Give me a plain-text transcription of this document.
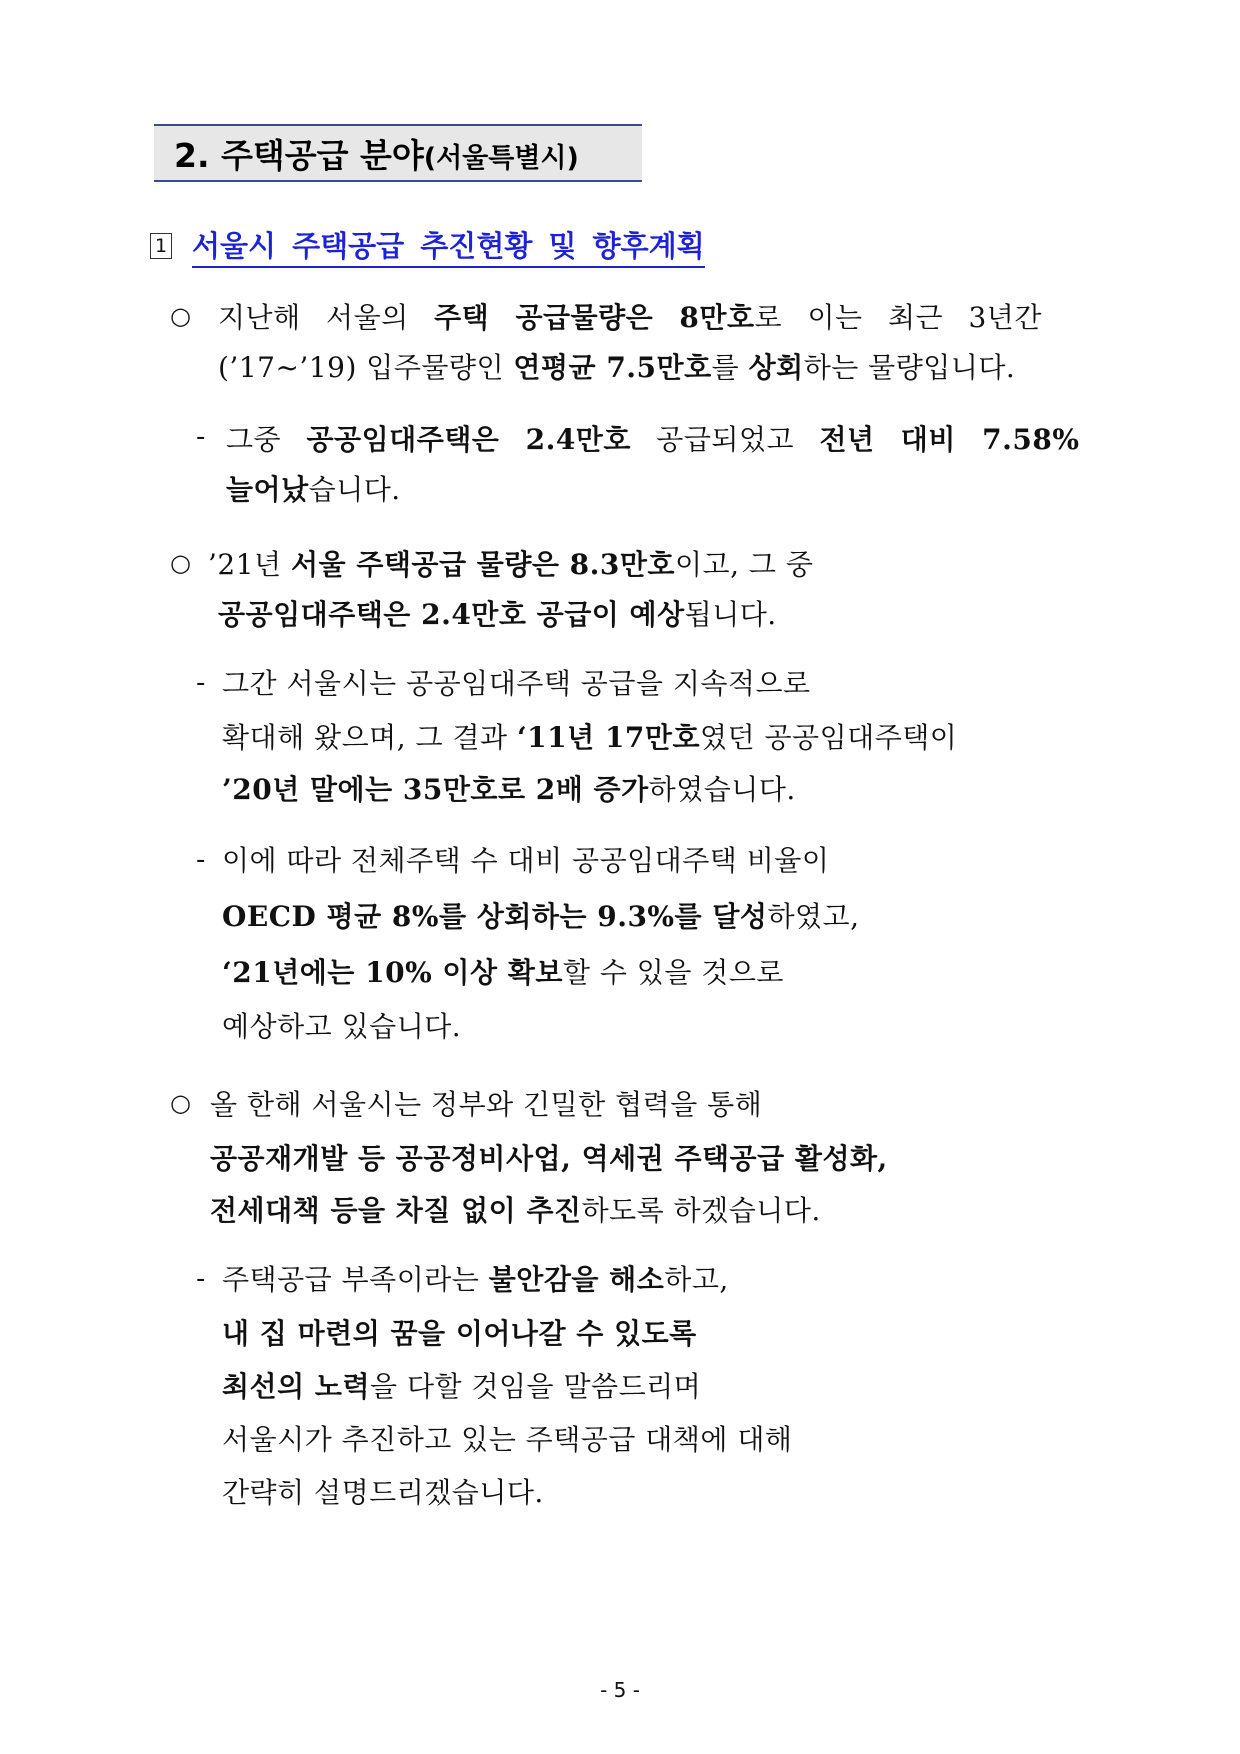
2. 주택공급 분야(서울특별시)
1 서울시 주택공급 추진현황 및 향후계획
○ 지난해 서울의 주택 공급물량은 8만호로 이는 최근 3년간
(’17~’19) 입주물량인 연평균 7.5만호를 상회하는 물량입니다.
- 그중 공공임대주택은 2.4만호 공급되었고 전년 대비 7.58%
늘어났습니다.
○ ’21년 서울 주택공급 물량은 8.3만호이고, 그 중
공공임대주택은 2.4만호 공급이 예상됩니다.
- 그간 서울시는 공공임대주택 공급을 지속적으로
확대해 왔으며, 그 결과 ‘11년 17만호였던 공공임대주택이
’20년 말에는 35만호로 2배 증가하였습니다.
- 이에 따라 전체주택 수 대비 공공임대주택 비율이
OECD 평균 8%를 상회하는 9.3%를 달성하였고,
‘21년에는 10% 이상 확보할 수 있을 것으로
예상하고 있습니다.
○ 올 한해 서울시는 정부와 긴밀한 협력을 통해
공공재개발 등 공공정비사업, 역세권 주택공급 활성화,
전세대책 등을 차질 없이 추진하도록 하겠습니다.
- 주택공급 부족이라는 불안감을 해소하고,
내 집 마련의 꿈을 이어나갈 수 있도록
최선의 노력을 다할 것임을 말씀드리며
서울시가 추진하고 있는 주택공급 대책에 대해
간략히 설명드리겠습니다.
- 5 -
